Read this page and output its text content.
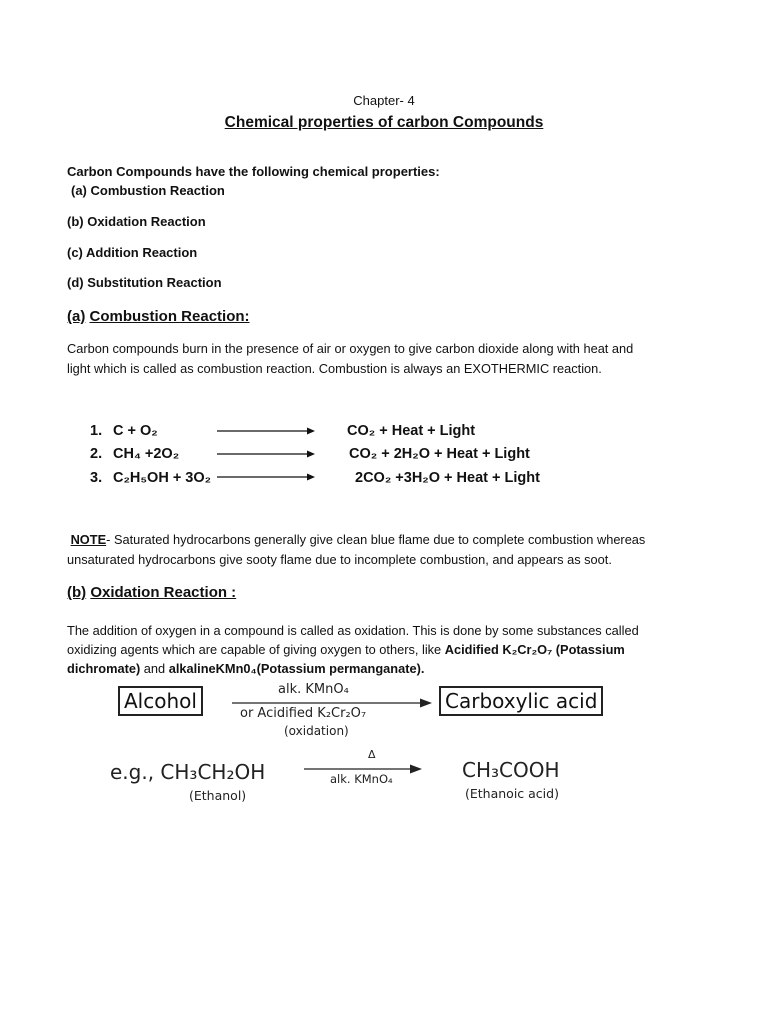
Chapter- 4
Chemical properties of carbon Compounds
Carbon Compounds have the following chemical properties:
(a) Combustion Reaction
(b) Oxidation Reaction
(c) Addition Reaction
(d) Substitution Reaction
(a) Combustion Reaction:
Carbon compounds burn in the presence of air or oxygen to give carbon dioxide along with heat and
light which is called as combustion reaction. Combustion is always an EXOTHERMIC reaction.
1. C + O₂	CO₂ + Heat + Light
2. CH₄ +2O₂	CO₂ + 2H₂O + Heat + Light
3. C₂H₅OH + 3O₂	2CO₂ +3H₂O + Heat + Light
NOTE- Saturated hydrocarbons generally give clean blue flame due to complete combustion whereas
unsaturated hydrocarbons give sooty flame due to incomplete combustion, and appears as soot.
(b) Oxidation Reaction :
The addition of oxygen in a compound is called as oxidation. This is done by some substances called
oxidizing agents which are capable of giving oxygen to others, like Acidified K₂Cr₂O₇ (Potassium
dichromate) and alkalineKMn0₄(Potassium permanganate).
Alcohol	alk. KMnO₄
or Acidified K₂Cr₂O₇
(oxidation)
Carboxylic acid
e.g., CH₃CH₂OH
(Ethanol)
Δ
alk. KMnO₄	CH₃COOH
(Ethanoic acid)
